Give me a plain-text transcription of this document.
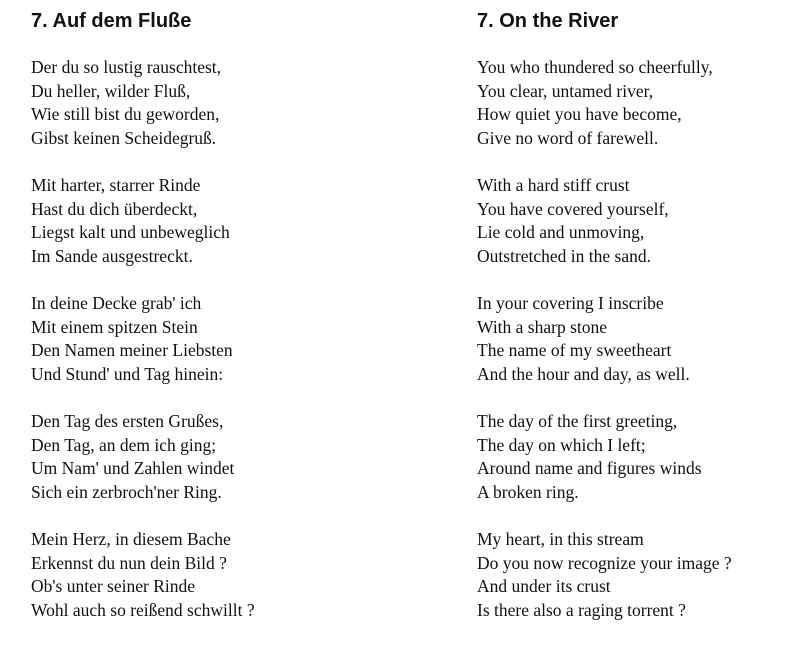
7. Auf dem Fluße
Der du so lustig rauschtest,
Du heller, wilder Fluß,
Wie still bist du geworden,
Gibst keinen Scheidegruß.
Mit harter, starrer Rinde
Hast du dich überdeckt,
Liegst kalt und unbeweglich
Im Sande ausgestreckt.
In deine Decke grab' ich
Mit einem spitzen Stein
Den Namen meiner Liebsten
Und Stund' und Tag hinein:
Den Tag des ersten Grußes,
Den Tag, an dem ich ging;
Um Nam' und Zahlen windet
Sich ein zerbroch'ner Ring.
Mein Herz, in diesem Bache
Erkennst du nun dein Bild ?
Ob's unter seiner Rinde
Wohl auch so reißend schwillt ?
7. On the River
You who thundered so cheerfully,
You clear, untamed river,
How quiet you have become,
Give no word of farewell.
With a hard stiff crust
You have covered yourself,
Lie cold and unmoving,
Outstretched in the sand.
In your covering I inscribe
With a sharp stone
The name of my sweetheart
And the hour and day, as well.
The day of the first greeting,
The day on which I left;
Around name and figures winds
A broken ring.
My heart, in this stream
Do you now recognize your image ?
And under its crust
Is there also a raging torrent ?
